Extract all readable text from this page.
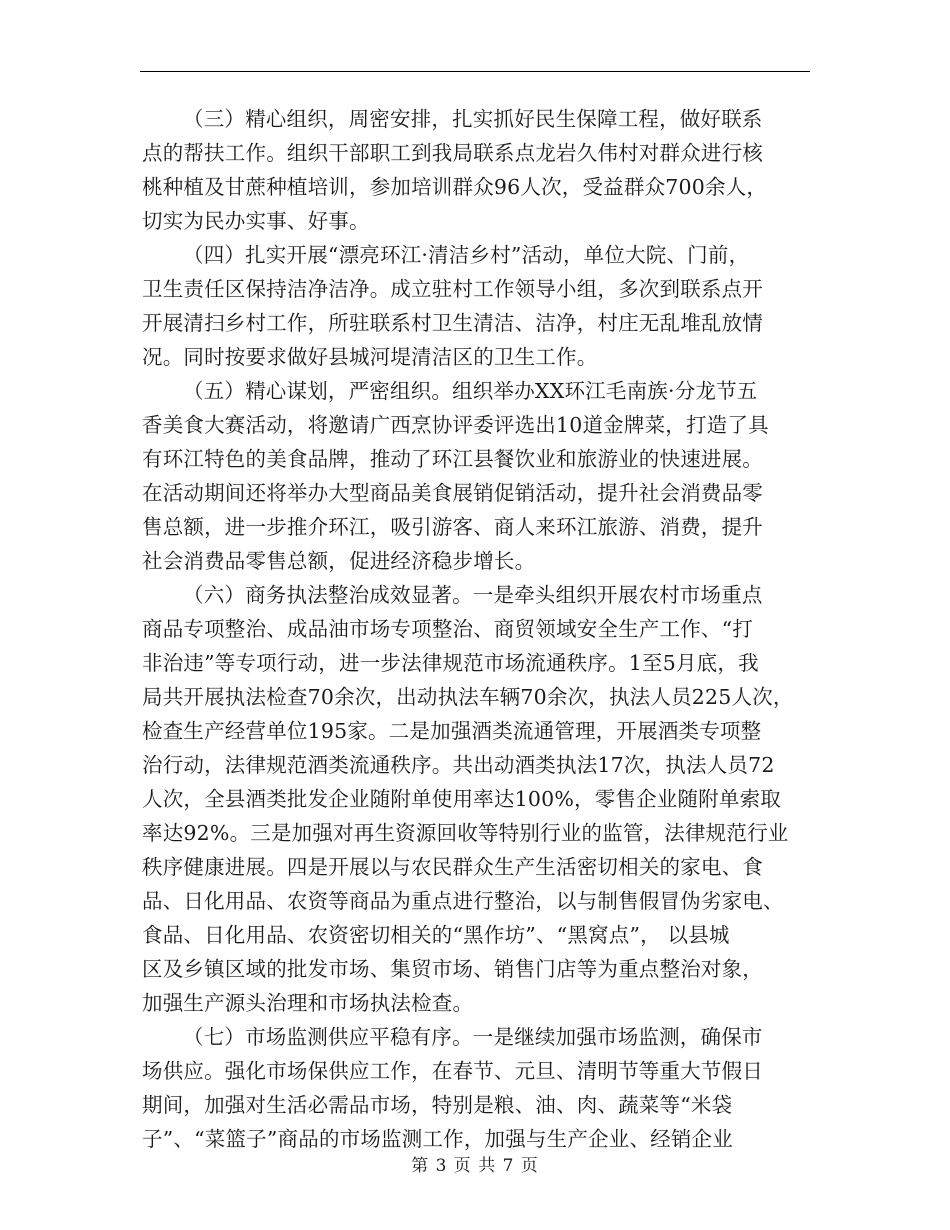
（三）精心组织，周密安排，扎实抓好民生保障工程，做好联系
点的帮扶工作。组织干部职工到我局联系点龙岩久伟村对群众进行核
桃种植及甘蔗种植培训，参加培训群众96人次，受益群众700余人，
切实为民办实事、好事。
（四）扎实开展“漂亮环江·清洁乡村”活动，单位大院、门前，
卫生责任区保持洁净洁净。成立驻村工作领导小组，多次到联系点开
开展清扫乡村工作，所驻联系村卫生清洁、洁净，村庄无乱堆乱放情
况。同时按要求做好县城河堤清洁区的卫生工作。
（五）精心谋划，严密组织。组织举办XX环江毛南族·分龙节五
香美食大赛活动，将邀请广西烹协评委评选出10道金牌菜，打造了具
有环江特色的美食品牌，推动了环江县餐饮业和旅游业的快速进展。
在活动期间还将举办大型商品美食展销促销活动，提升社会消费品零
售总额，进一步推介环江，吸引游客、商人来环江旅游、消费，提升
社会消费品零售总额，促进经济稳步增长。
（六）商务执法整治成效显著。一是牵头组织开展农村市场重点
商品专项整治、成品油市场专项整治、商贸领域安全生产工作、“打
非治违”等专项行动，进一步法律规范市场流通秩序。1至5月底，我
局共开展执法检查70余次，出动执法车辆70余次，执法人员225人次，
检查生产经营单位195家。二是加强酒类流通管理，开展酒类专项整
治行动，法律规范酒类流通秩序。共出动酒类执法17次，执法人员72
人次，全县酒类批发企业随附单使用率达100%，零售企业随附单索取
率达92%。三是加强对再生资源回收等特别行业的监管，法律规范行业
秩序健康进展。四是开展以与农民群众生产生活密切相关的家电、食
品、日化用品、农资等商品为重点进行整治，以与制售假冒伪劣家电、
食品、日化用品、农资密切相关的“黑作坊”、“黑窝点”， 以县城
区及乡镇区域的批发市场、集贸市场、销售门店等为重点整治对象，
加强生产源头治理和市场执法检查。
（七）市场监测供应平稳有序。一是继续加强市场监测，确保市
场供应。强化市场保供应工作，在春节、元旦、清明节等重大节假日
期间，加强对生活必需品市场，特别是粮、油、肉、蔬菜等“米袋
子”、“菜篮子”商品的市场监测工作，加强与生产企业、经销企业
第 3 页 共 7 页
